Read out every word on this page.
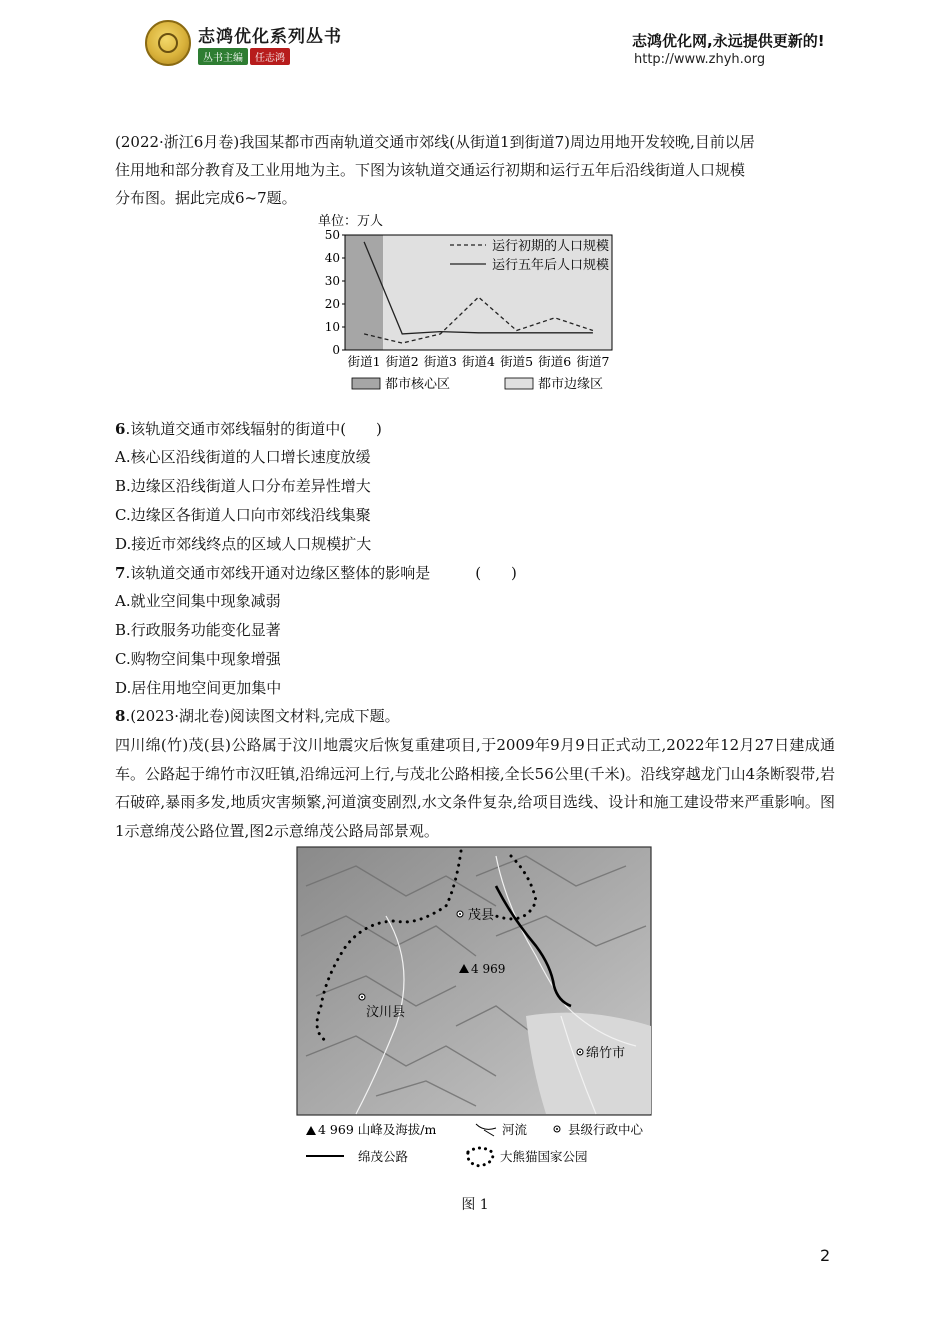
志鸿优化系列丛书
丛书主编	任志鸿
志鸿优化网,永远提供更新的!
http://www.zhyh.org
(2022·浙江6月卷)我国某都市西南轨道交通市郊线(从街道1到街道7)周边用地开发较晚,目前以居
住用地和部分教育及工业用地为主。下图为该轨道交通运行初期和运行五年后沿线街道人口规模
分布图。据此完成6~7题。
单位：万人
0
10
20
30
40
50
街道1 街道2 街道3 街道4 街道5 街道6 街道7
运行初期的人口规模
运行五年后人口规模
都市核心区	都市边缘区
6.该轨道交通市郊线辐射的街道中(　　)
A.核心区沿线街道的人口增长速度放缓
B.边缘区沿线街道人口分布差异性增大
C.边缘区各街道人口向市郊线沿线集聚
D.接近市郊线终点的区域人口规模扩大
7.该轨道交通市郊线开通对边缘区整体的影响是　　　(　　)
A.就业空间集中现象减弱
B.行政服务功能变化显著
C.购物空间集中现象增强
D.居住用地空间更加集中
8.(2023·湖北卷)阅读图文材料,完成下题。
四川绵(竹)茂(县)公路属于汶川地震灾后恢复重建项目,于2009年9月9日正式动工,2022年12月27日建成通车。公路起于绵竹市汉旺镇,沿绵远河上行,与茂北公路相接,全长56公里(千米)。沿线穿越龙门山4条断裂带,岩石破碎,暴雨多发,地质灾害频繁,河道演变剧烈,水文条件复杂,给项目选线、设计和施工建设带来严重影响。图1示意绵茂公路位置,图2示意绵茂公路局部景观。
茂县
汶川县
绵竹市
4 969
4 969 山峰及海拔/m	河流	县级行政中心
绵茂公路	大熊猫国家公园
图 1
2
